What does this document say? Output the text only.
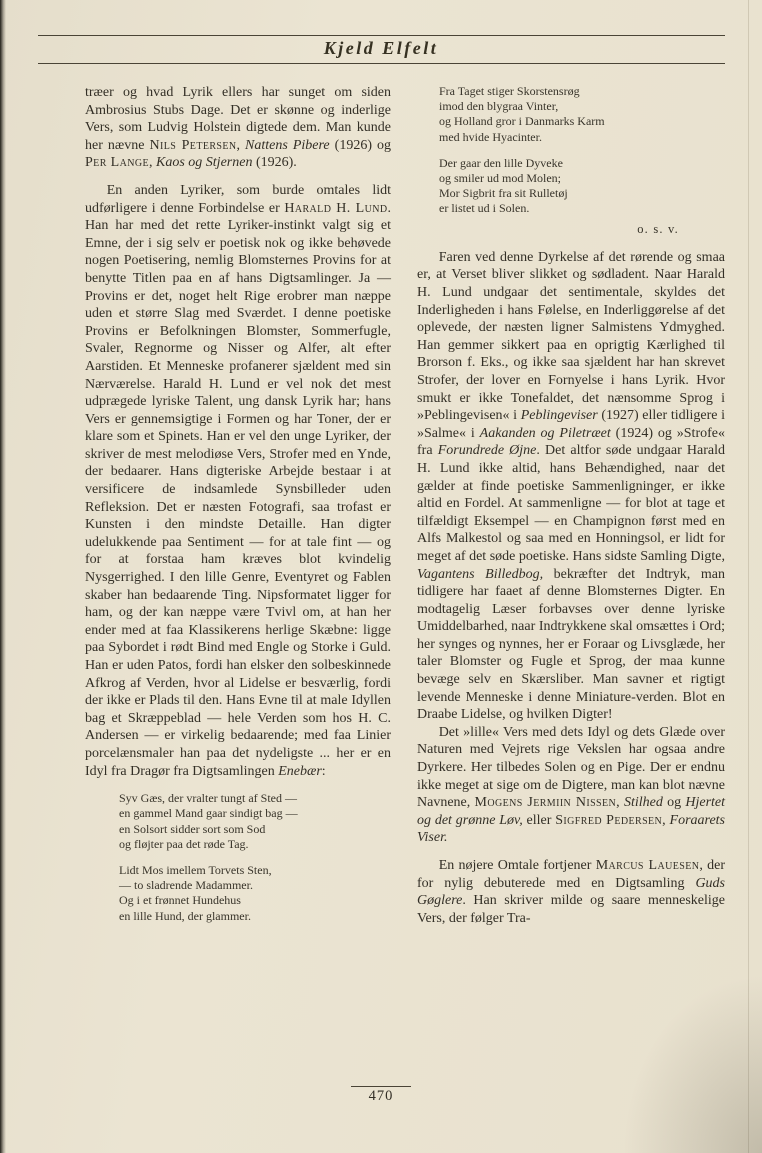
Kjeld Elfelt

træer og hvad Lyrik ellers har sunget om siden Ambrosius Stubs Dage. Det er skønne og inderlige Vers, som Ludvig Holstein digtede dem. Man kunde her nævne Nils Petersen, Nattens Pibere (1926) og Per Lange, Kaos og Stjernen (1926).

En anden Lyriker, som burde omtales lidt udførligere i denne Forbindelse er Harald H. Lund. Han har med det rette Lyriker-instinkt valgt sig et Emne, der i sig selv er poetisk nok og ikke behøvede nogen Poetisering, nemlig Blomsternes Provins for at benytte Titlen paa en af hans Digtsamlinger. Ja — Provins er det, noget helt Rige erobrer man næppe uden et større Slag med Sværdet. I denne poetiske Provins er Befolkningen Blomster, Sommerfugle, Svaler, Regnorme og Nisser og Alfer, alt efter Aarstiden. Et Menneske profanerer sjældent med sin Nærværelse. Harald H. Lund er vel nok det mest udprægede lyriske Talent, ung dansk Lyrik har; hans Vers er gennemsigtige i Formen og har Toner, der er klare som et Spinets. Han er vel den unge Lyriker, der skriver de mest melodiøse Vers, Strofer med en Ynde, der bedaarer. Hans digteriske Arbejde bestaar i at versificere de indsamlede Synsbilleder uden Refleksion. Det er næsten Fotografi, saa trofast er Kunsten i den mindste Detaille. Han digter udelukkende paa Sentiment — for at tale fint — og for at forstaa ham kræves blot kvindelig Nysgerrighed. I den lille Genre, Eventyret og Fablen skaber han bedaarende Ting. Nipsformatet ligger for ham, og der kan næppe være Tvivl om, at han her ender med at faa Klassikerens herlige Skæbne: ligge paa Sybordet i rødt Bind med Engle og Storke i Guld. Han er uden Patos, fordi han elsker den solbeskinnede Afkrog af Verden, hvor al Lidelse er besværlig, fordi der ikke er Plads til den. Hans Evne til at male Idyllen bag et Skræppeblad — hele Verden som hos H. C. Andersen — er virkelig bedaarende; med faa Linier porcelænsmaler han paa det nydeligste ... her er en Idyl fra Dragør fra Digtsamlingen Enebær:

Syv Gæs, der vralter tungt af Sted —
en gammel Mand gaar sindigt bag —
en Solsort sidder sort som Sod
og fløjter paa det røde Tag.
Lidt Mos imellem Torvets Sten,
— to sladrende Madammer.
Og i et frønnet Hundehus
en lille Hund, der glammer.
Fra Taget stiger Skorstensrøg
imod den blygraa Vinter,
og Holland gror i Danmarks Karm
med hvide Hyacinter.
Der gaar den lille Dyveke
og smiler ud mod Molen;
Mor Sigbrit fra sit Rulletøj
er listet ud i Solen.
o. s. v.

Faren ved denne Dyrkelse af det rørende og smaa er, at Verset bliver slikket og sødladent. Naar Harald H. Lund undgaar det sentimentale, skyldes det Inderligheden i hans Følelse, en Inderliggørelse af det oplevede, der næsten ligner Salmistens Ydmyghed. Han gemmer sikkert paa en oprigtig Kærlighed til Brorson f. Eks., og ikke saa sjældent har han skrevet Strofer, der lover en Fornyelse i hans Lyrik. Hvor smukt er ikke Tonefaldet, det nænsomme Sprog i »Peblingevisen« i Peblingeviser (1927) eller tidligere i »Salme« i Aakanden og Piletræet (1924) og »Strofe« fra Forundrede Øjne. Det altfor søde undgaar Harald H. Lund ikke altid, hans Behændighed, naar det gælder at finde poetiske Sammenligninger, er ikke altid en Fordel. At sammenligne — for blot at tage et tilfældigt Eksempel — en Champignon først med en Alfs Malkestol og saa med en Honningsol, er lidt for meget af det søde poetiske. Hans sidste Samling Digte, Vagantens Billedbog, bekræfter det Indtryk, man tidligere har faaet af denne Blomsternes Digter. En modtagelig Læser forbavses over denne lyriske Umiddelbarhed, naar Indtrykkene skal omsættes i Ord; her synges og nynnes, her er Foraar og Livsglæde, her taler Blomster og Fugle et Sprog, der maa kunne bevæge selv en Skærsliber. Man savner et rigtigt levende Menneske i denne Miniature-verden. Blot en Draabe Lidelse, og hvilken Digter!

Det »lille« Vers med dets Idyl og dets Glæde over Naturen med Vejrets rige Vekslen har ogsaa andre Dyrkere. Her tilbedes Solen og en Pige. Der er endnu ikke meget at sige om de Digtere, man kan blot nævne Navnene, Mogens Jermiin Nissen, Stilhed og Hjertet og det grønne Løv, eller Sigfred Pedersen, Foraarets Viser.

En nøjere Omtale fortjener Marcus Lauesen, der for nylig debuterede med en Digtsamling Guds Gøglere. Han skriver milde og saare menneskelige Vers, der følger Tra-

470
